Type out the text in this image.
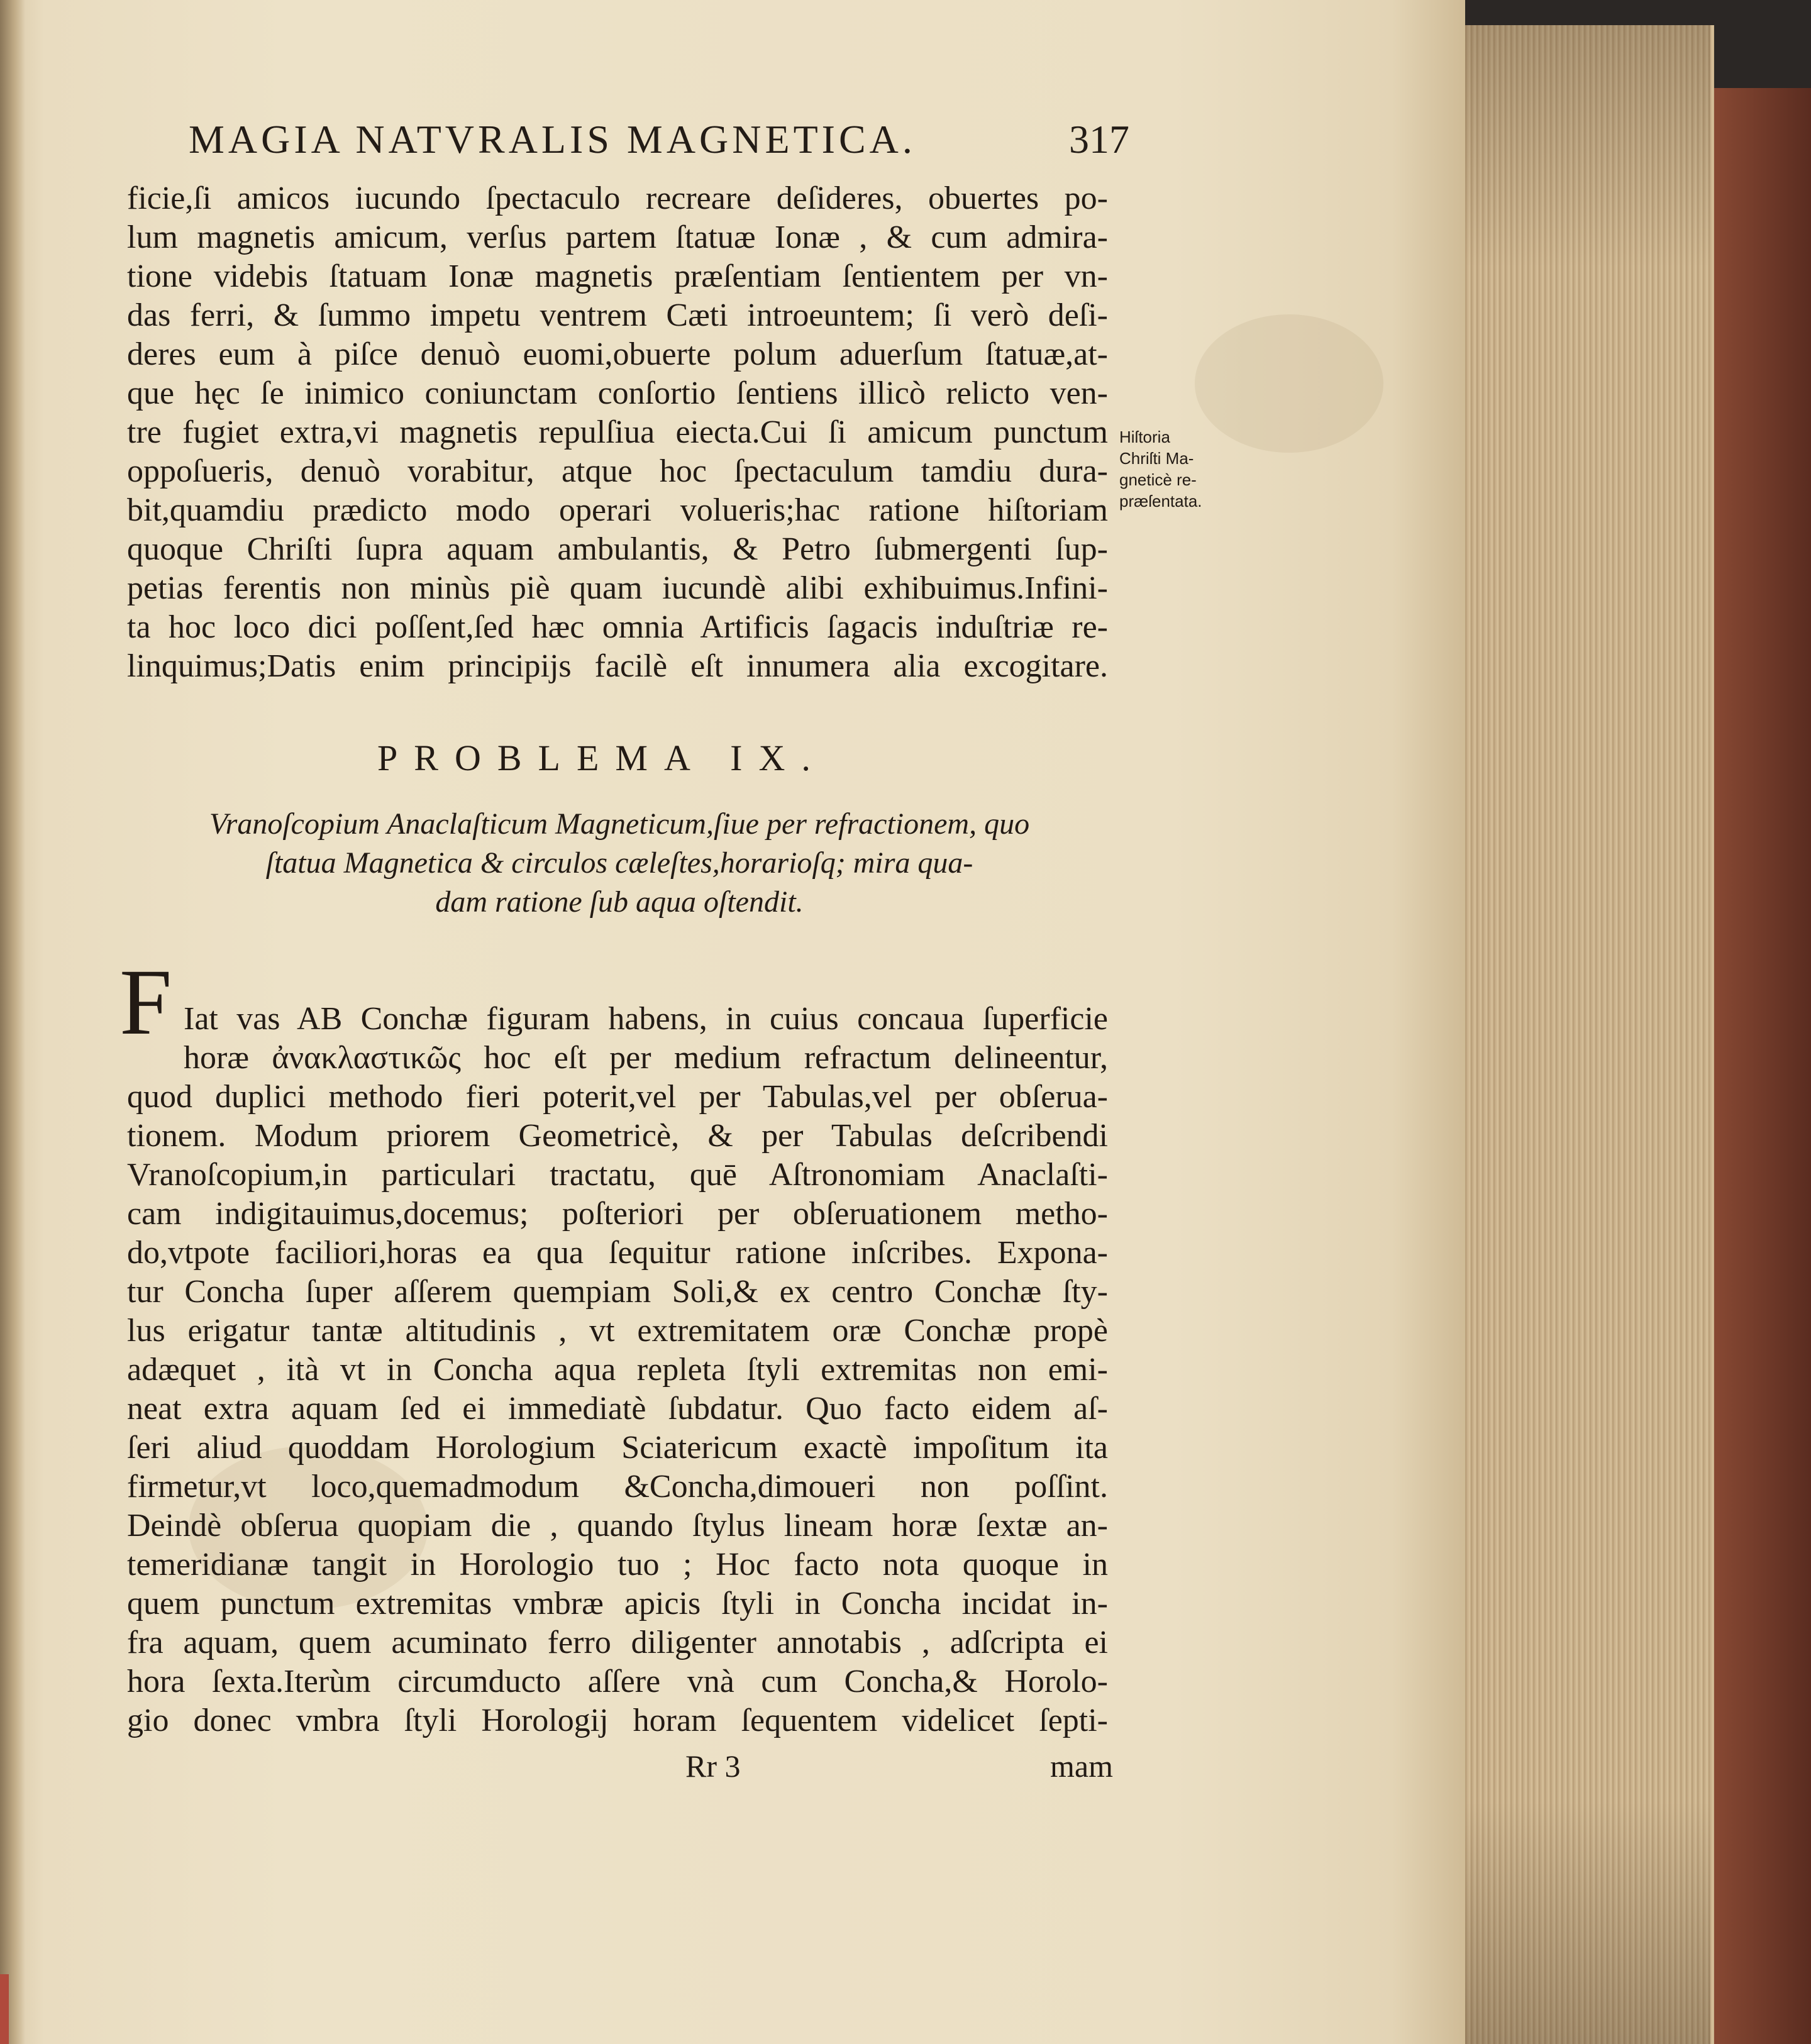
MAGIA NATVRALIS MAGNETICA.	317
ficie,ſi amicos iucundo ſpectaculo recreare deſideres, obuertes po-
lum magnetis amicum, verſus partem ſtatuæ Ionæ , & cum admira-
tione videbis ſtatuam Ionæ magnetis præſentiam ſentientem per vn-
das ferri, & ſummo impetu ventrem Cæti introeuntem; ſi verò deſi-
deres eum à piſce denuò euomi,obuerte polum aduerſum ſtatuæ,at-
que hęc ſe inimico coniunctam conſortio ſentiens illicò relicto ven-
tre fugiet extra,vi magnetis repulſiua eiecta.Cui ſi amicum punctum
oppoſueris, denuò vorabitur, atque hoc ſpectaculum tamdiu dura-
bit,quamdiu prædicto modo operari volueris;hac ratione hiſtoriam
quoque Chriſti ſupra aquam ambulantis, & Petro ſubmergenti ſup-
petias ferentis non minùs piè quam iucundè alibi exhibuimus.Infini-
ta hoc loco dici poſſent,ſed hæc omnia Artificis ſagacis induſtriæ re-
linquimus;Datis enim principijs facilè eſt innumera alia excogitare.
Hiſtoria
Chriſti Ma-
gneticè re-
præſentata.
PROBLEMA IX.
Vranoſcopium Anaclaſticum Magneticum,ſiue per refractionem, quo
ſtatua Magnetica & circulos cæleſtes,horarioſq; mira qua-
dam ratione ſub aqua oſtendit.
F Iat vas AB Conchæ figuram habens, in cuius concaua ſuperficie
horæ ἀνακλαστικῶς hoc eſt per medium refractum delineentur,
quod duplici methodo fieri poterit,vel per Tabulas,vel per obſerua-
tionem. Modum priorem Geometricè, & per Tabulas deſcribendi
Vranoſcopium,in particulari tractatu, quē Aſtronomiam Anaclaſti-
cam indigitauimus,docemus; poſteriori per obſeruationem metho-
do,vtpote faciliori,horas ea qua ſequitur ratione inſcribes. Exponа-
tur Concha ſuper aſſerem quempiam Soli,& ex centro Conchæ ſty-
lus erigatur tantæ altitudinis , vt extremitatem oræ Conchæ propè
adæquet , ità vt in Concha aqua repleta ſtyli extremitas non emi-
neat extra aquam ſed ei immediatè ſubdatur. Quo facto eidem aſ-
ſeri aliud quoddam Horologium Sciatericum exactè impoſitum ita
firmetur,vt loco,quemadmodum &Concha,dimoueri non poſſint.
Deindè obſerua quopiam die , quando ſtylus lineam horæ ſextæ an-
temeridianæ tangit in Horologio tuo ; Hoc facto nota quoque in
quem punctum extremitas vmbræ apicis ſtyli in Concha incidat in-
fra aquam, quem acuminato ferro diligenter annotabis , adſcripta ei
hora ſexta.Iterùm circumducto aſſere vnà cum Concha,& Horolo-
gio donec vmbra ſtyli Horologij horam ſequentem videlicet ſepti-
Rr 3	mam
